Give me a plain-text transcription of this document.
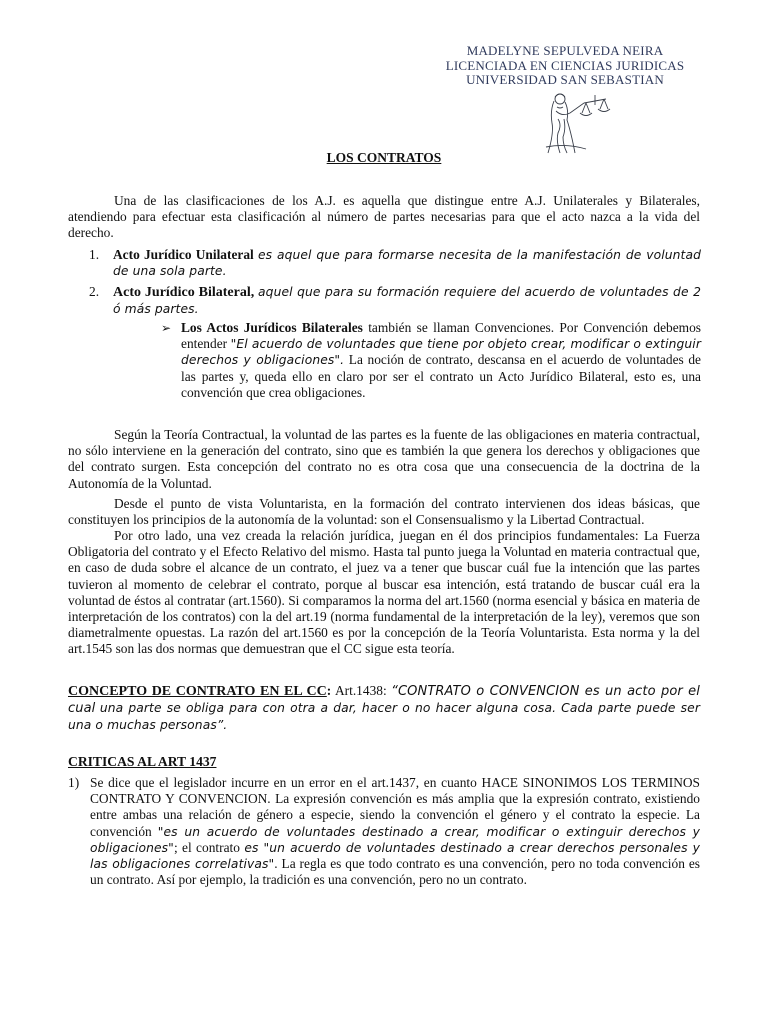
MADELYNE SEPULVEDA NEIRA
LICENCIADA EN CIENCIAS JURIDICAS
UNIVERSIDAD SAN SEBASTIAN
LOS CONTRATOS
Una de las clasificaciones de los A.J. es aquella que distingue entre A.J. Unilaterales y Bilaterales, atendiendo para efectuar esta clasificación al número de partes necesarias para que el acto nazca a la vida del derecho.
1. Acto Jurídico Unilateral es aquel que para formarse necesita de la manifestación de voluntad de una sola parte.
2. Acto Jurídico Bilateral, aquel que para su formación requiere del acuerdo de voluntades de 2 ó más partes.
➢ Los Actos Jurídicos Bilaterales también se llaman Convenciones. Por Convención debemos entender "El acuerdo de voluntades que tiene por objeto crear, modificar o extinguir derechos y obligaciones". La noción de contrato, descansa en el acuerdo de voluntades de las partes y, queda ello en claro por ser el contrato un Acto Jurídico Bilateral, esto es, una convención que crea obligaciones.
Según la Teoría Contractual, la voluntad de las partes es la fuente de las obligaciones en materia contractual, no sólo interviene en la generación del contrato, sino que es también la que genera los derechos y obligaciones que del contrato surgen. Esta concepción del contrato no es otra cosa que una consecuencia de la doctrina de la Autonomía de la Voluntad.
Desde el punto de vista Voluntarista, en la formación del contrato intervienen dos ideas básicas, que constituyen los principios de la autonomía de la voluntad: son el Consensualismo y la Libertad Contractual.
Por otro lado, una vez creada la relación jurídica, juegan en él dos principios fundamentales: La Fuerza Obligatoria del contrato y el Efecto Relativo del mismo. Hasta tal punto juega la Voluntad en materia contractual que, en caso de duda sobre el alcance de un contrato, el juez va a tener que buscar cuál fue la intención que las partes tuvieron al momento de celebrar el contrato, porque al buscar esa intención, está tratando de buscar cuál era la voluntad de éstos al contratar (art.1560). Si comparamos la norma del art.1560 (norma esencial y básica en materia de interpretación de los contratos) con la del art.19 (norma fundamental de la interpretación de la ley), veremos que son diametralmente opuestas. La razón del art.1560 es por la concepción de la Teoría Voluntarista. Esta norma y la del art.1545 son las dos normas que demuestran que el CC sigue esta teoría.
CONCEPTO DE CONTRATO EN EL CC: Art.1438: “CONTRATO o CONVENCION es un acto por el cual una parte se obliga para con otra a dar, hacer o no hacer alguna cosa. Cada parte puede ser una o muchas personas”.
CRITICAS AL ART 1437
1) Se dice que el legislador incurre en un error en el art.1437, en cuanto HACE SINONIMOS LOS TERMINOS CONTRATO Y CONVENCION. La expresión convención es más amplia que la expresión contrato, existiendo entre ambas una relación de género a especie, siendo la convención el género y el contrato la especie. La convención "es un acuerdo de voluntades destinado a crear, modificar o extinguir derechos y obligaciones"; el contrato es "un acuerdo de voluntades destinado a crear derechos personales y las obligaciones correlativas". La regla es que todo contrato es una convención, pero no toda convención es un contrato. Así por ejemplo, la tradición es una convención, pero no un contrato.
